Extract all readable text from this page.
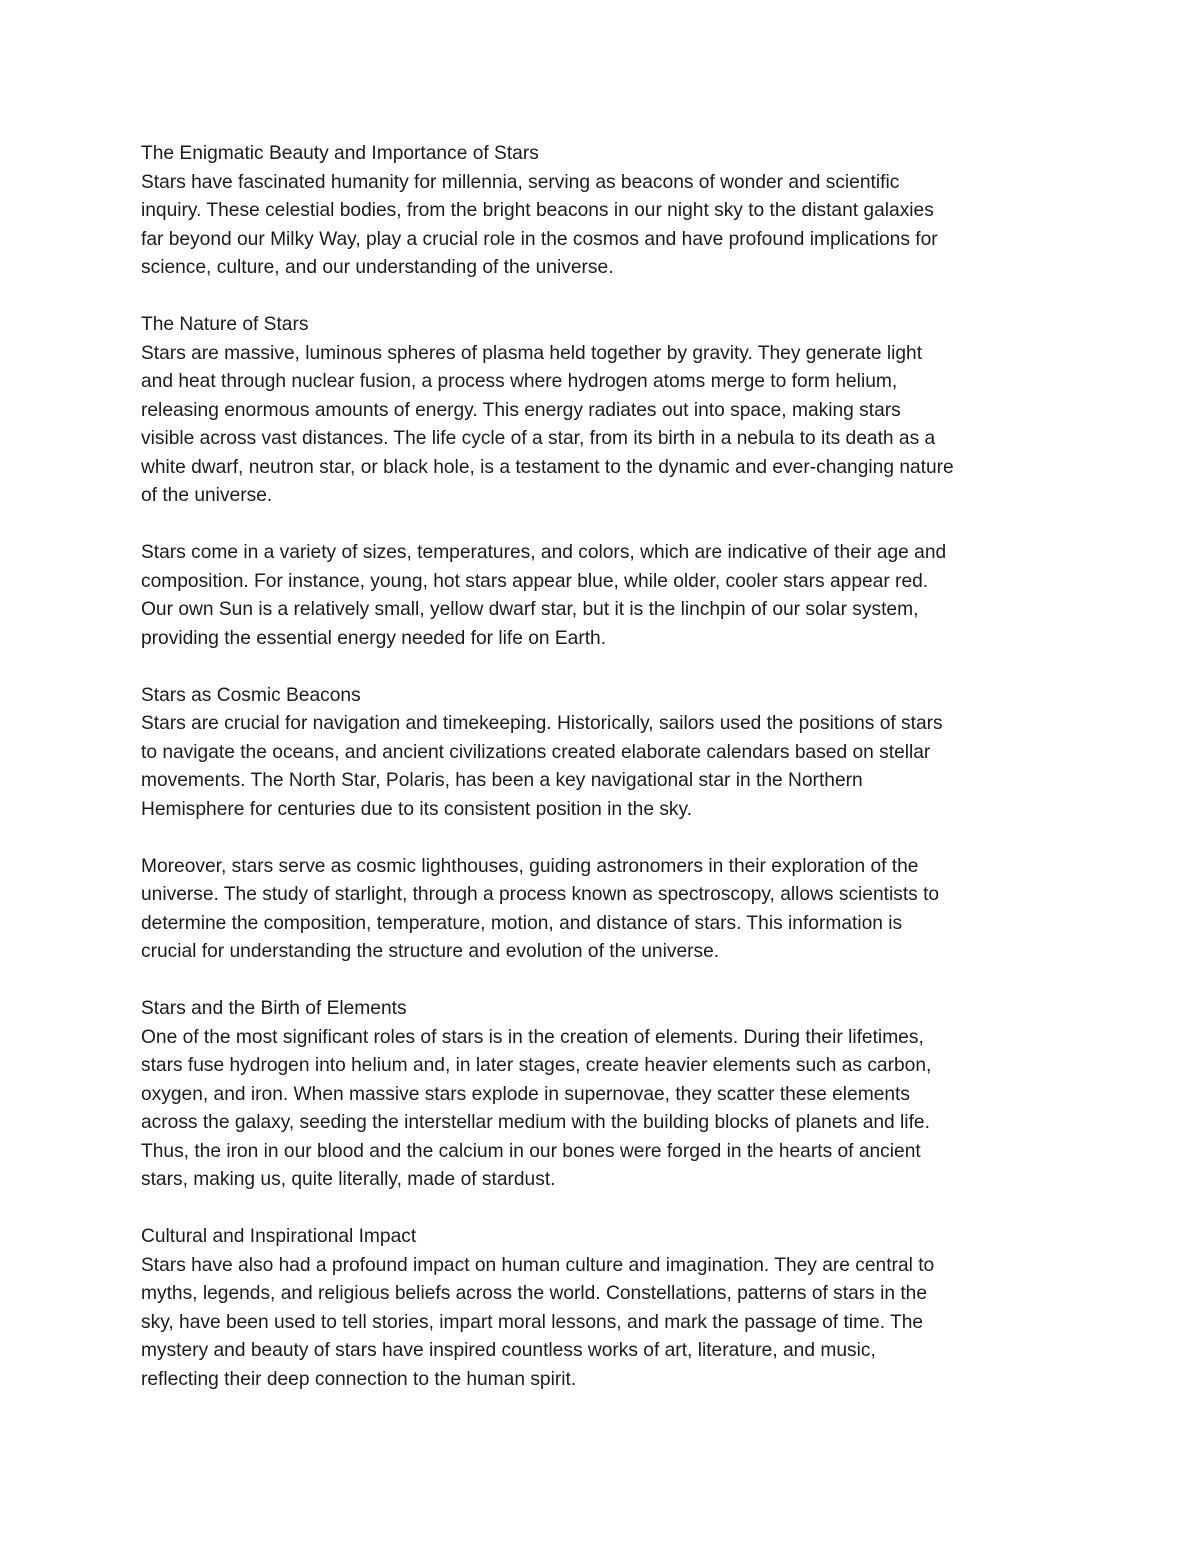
The Enigmatic Beauty and Importance of Stars

Stars have fascinated humanity for millennia, serving as beacons of wonder and scientific
inquiry. These celestial bodies, from the bright beacons in our night sky to the distant galaxies
far beyond our Milky Way, play a crucial role in the cosmos and have profound implications for
science, culture, and our understanding of the universe.

The Nature of Stars

Stars are massive, luminous spheres of plasma held together by gravity. They generate light
and heat through nuclear fusion, a process where hydrogen atoms merge to form helium,
releasing enormous amounts of energy. This energy radiates out into space, making stars
visible across vast distances. The life cycle of a star, from its birth in a nebula to its death as a
white dwarf, neutron star, or black hole, is a testament to the dynamic and ever-changing nature
of the universe.

Stars come in a variety of sizes, temperatures, and colors, which are indicative of their age and
composition. For instance, young, hot stars appear blue, while older, cooler stars appear red.
Our own Sun is a relatively small, yellow dwarf star, but it is the linchpin of our solar system,
providing the essential energy needed for life on Earth.

Stars as Cosmic Beacons

Stars are crucial for navigation and timekeeping. Historically, sailors used the positions of stars
to navigate the oceans, and ancient civilizations created elaborate calendars based on stellar
movements. The North Star, Polaris, has been a key navigational star in the Northern
Hemisphere for centuries due to its consistent position in the sky.

Moreover, stars serve as cosmic lighthouses, guiding astronomers in their exploration of the
universe. The study of starlight, through a process known as spectroscopy, allows scientists to
determine the composition, temperature, motion, and distance of stars. This information is
crucial for understanding the structure and evolution of the universe.

Stars and the Birth of Elements

One of the most significant roles of stars is in the creation of elements. During their lifetimes,
stars fuse hydrogen into helium and, in later stages, create heavier elements such as carbon,
oxygen, and iron. When massive stars explode in supernovae, they scatter these elements
across the galaxy, seeding the interstellar medium with the building blocks of planets and life.
Thus, the iron in our blood and the calcium in our bones were forged in the hearts of ancient
stars, making us, quite literally, made of stardust.

Cultural and Inspirational Impact

Stars have also had a profound impact on human culture and imagination. They are central to
myths, legends, and religious beliefs across the world. Constellations, patterns of stars in the
sky, have been used to tell stories, impart moral lessons, and mark the passage of time. The
mystery and beauty of stars have inspired countless works of art, literature, and music,
reflecting their deep connection to the human spirit.
